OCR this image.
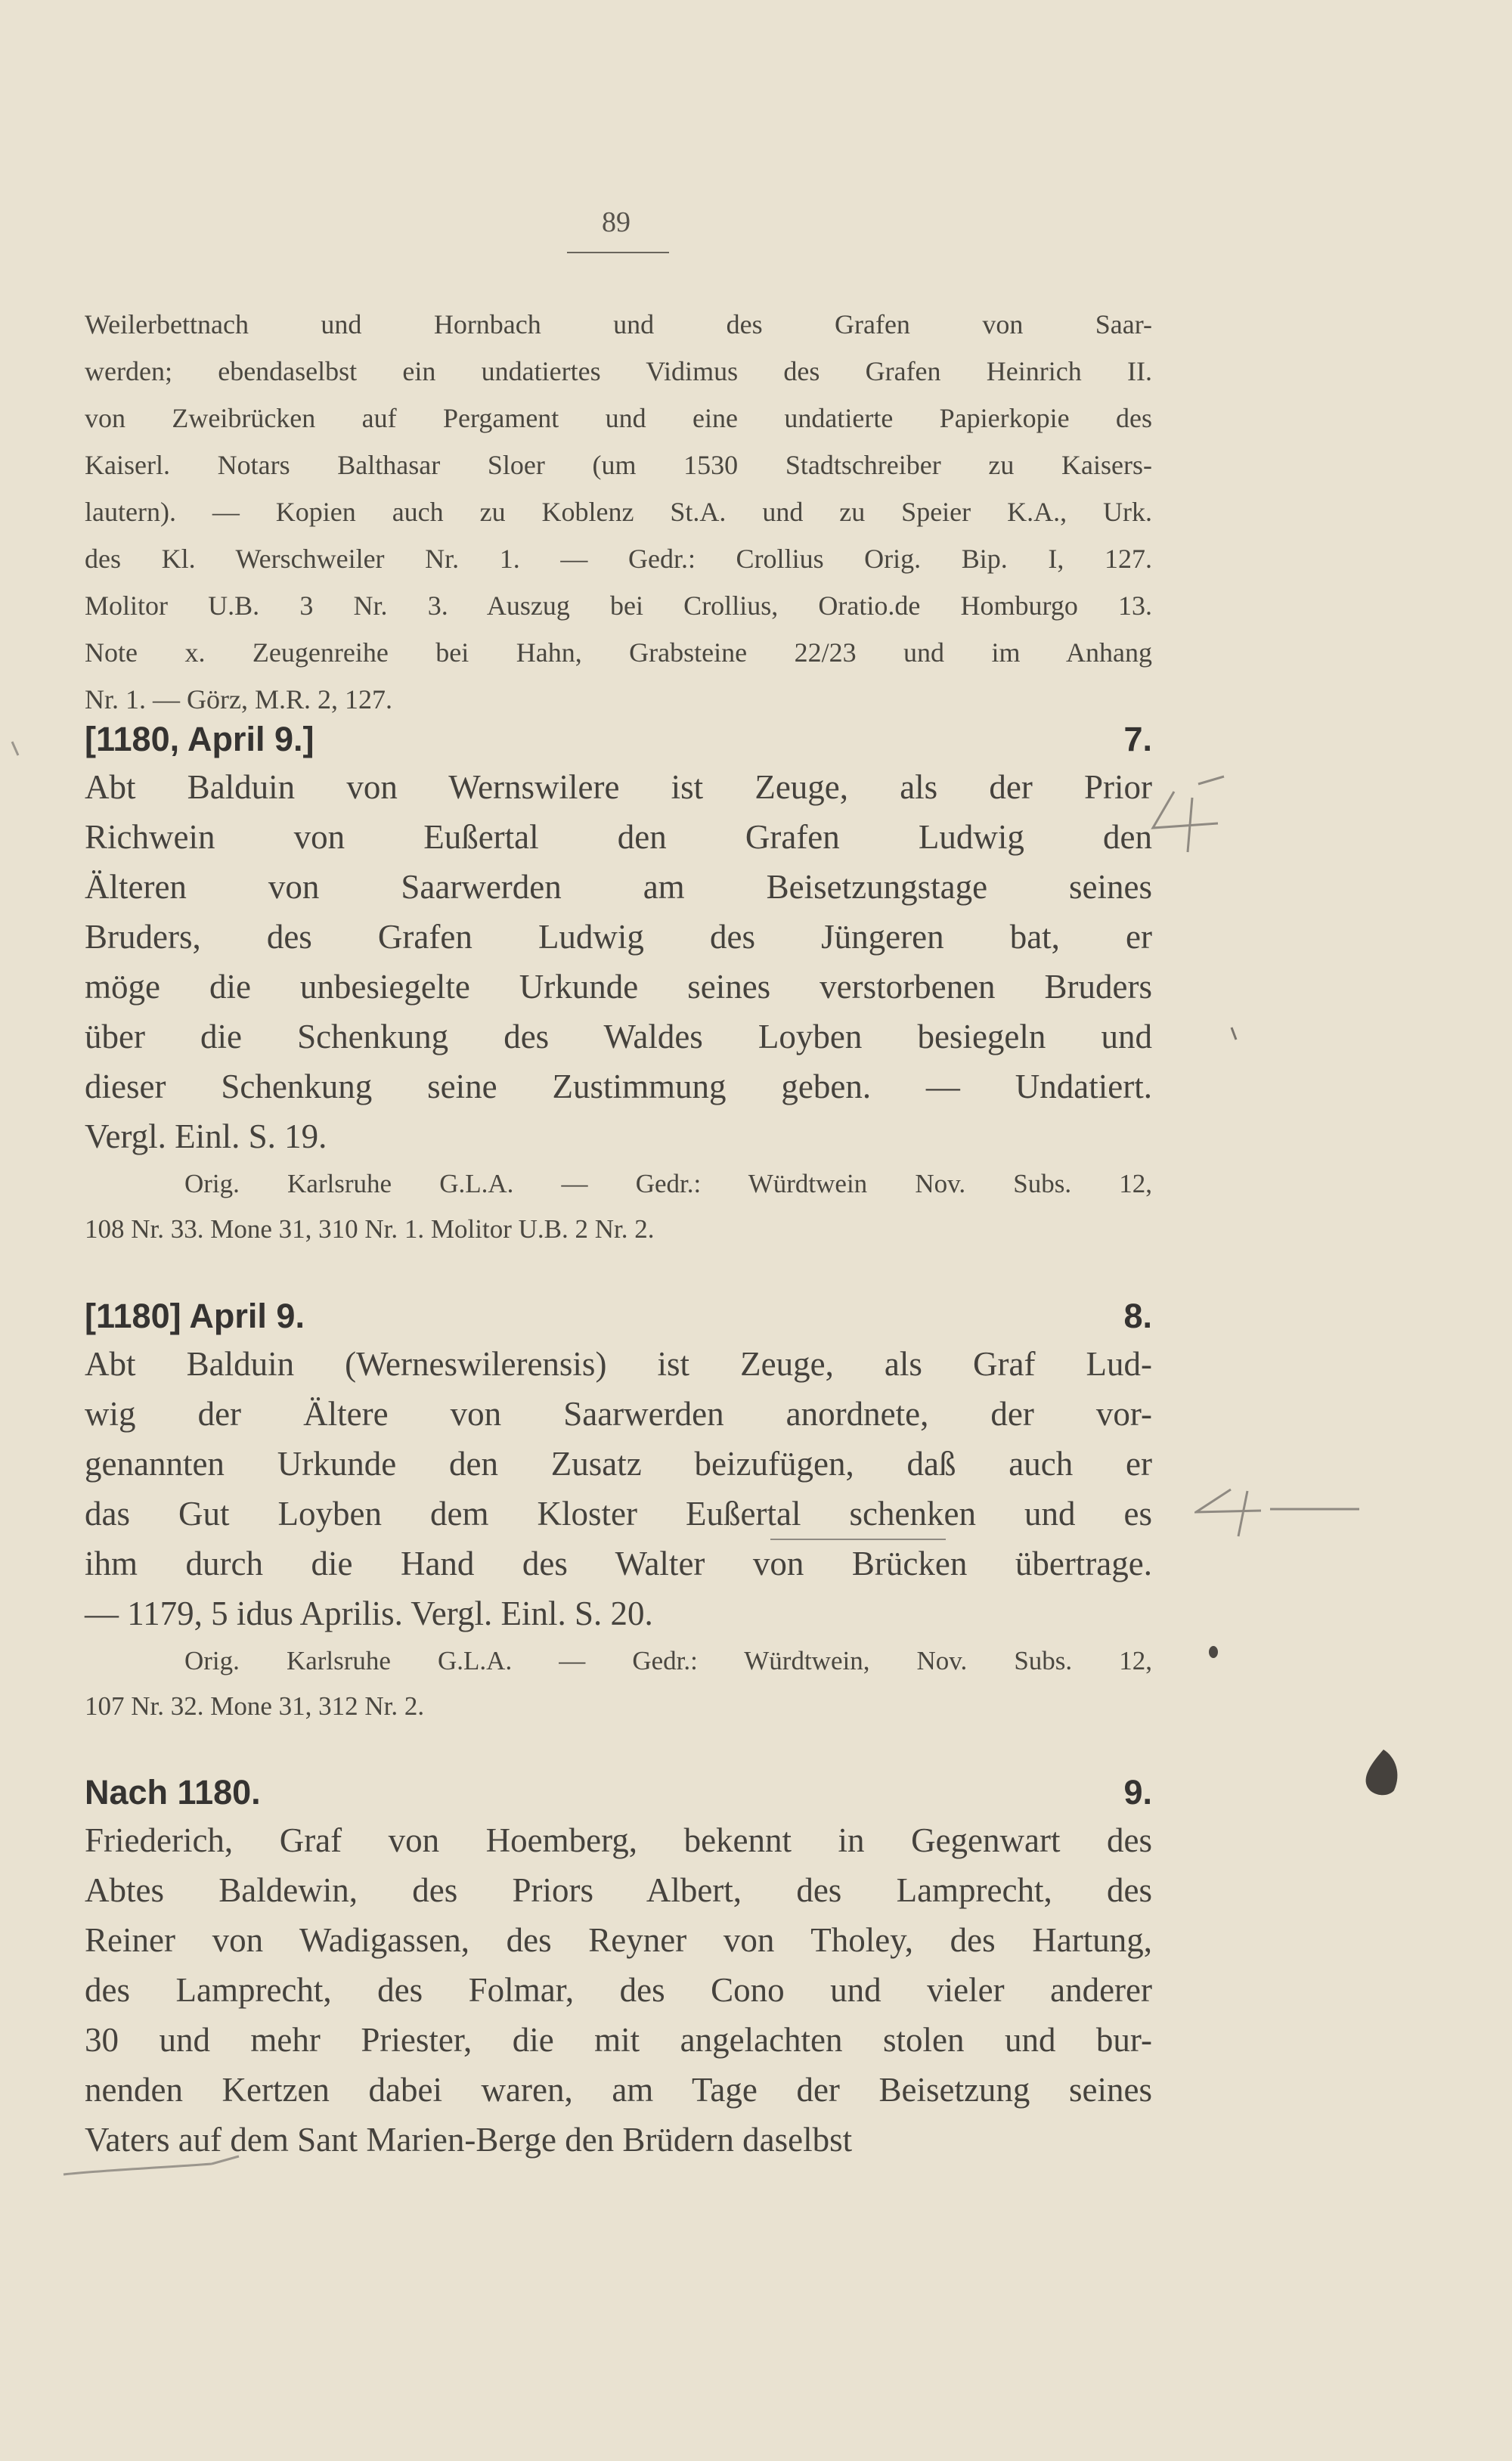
89
Weilerbettnach und Hornbach und des Grafen von Saar-
werden; ebendaselbst ein undatiertes Vidimus des Grafen Heinrich II.
von Zweibrücken auf Pergament und eine undatierte Papierkopie des
Kaiserl. Notars Balthasar Sloer (um 1530 Stadtschreiber zu Kaisers-
lautern). — Kopien auch zu Koblenz St.A. und zu Speier K.A., Urk.
des Kl. Werschweiler Nr. 1. — Gedr.: Crollius Orig. Bip. I, 127.
Molitor U.B. 3 Nr. 3. Auszug bei Crollius, Oratio.de Homburgo 13.
Note x. Zeugenreihe bei Hahn, Grabsteine 22/23 und im Anhang
Nr. 1. — Görz, M.R. 2, 127.
[1180, April 9.]	7.
Abt Balduin von Wernswilere ist Zeuge, als der Prior
Richwein von Eußertal den Grafen Ludwig den
Älteren von Saarwerden am Beisetzungstage seines
Bruders, des Grafen Ludwig des Jüngeren bat, er
möge die unbesiegelte Urkunde seines verstorbenen Bruders
über die Schenkung des Waldes Loyben besiegeln und
dieser Schenkung seine Zustimmung geben. — Undatiert.
Vergl. Einl. S. 19.
Orig. Karlsruhe G.L.A. — Gedr.: Würdtwein Nov. Subs. 12,
108 Nr. 33. Mone 31, 310 Nr. 1. Molitor U.B. 2 Nr. 2.
[1180] April 9.	8.
Abt Balduin (Werneswilerensis) ist Zeuge, als Graf Lud-
wig der Ältere von Saarwerden anordnete, der vor-
genannten Urkunde den Zusatz beizufügen, daß auch er
das Gut Loyben dem Kloster Eußertal schenken und es
ihm durch die Hand des Walter von Brücken übertrage.
— 1179, 5 idus Aprilis. Vergl. Einl. S. 20.
Orig. Karlsruhe G.L.A. — Gedr.: Würdtwein, Nov. Subs. 12,
107 Nr. 32. Mone 31, 312 Nr. 2.
Nach 1180.	9.
Friederich, Graf von Hoemberg, bekennt in Gegenwart des
Abtes Baldewin, des Priors Albert, des Lamprecht, des
Reiner von Wadigassen, des Reyner von Tholey, des Hartung,
des Lamprecht, des Folmar, des Cono und vieler anderer
30 und mehr Priester, die mit angelachten stolen und bur-
nenden Kertzen dabei waren, am Tage der Beisetzung seines
Vaters auf dem Sant Marien-Berge den Brüdern daselbst
